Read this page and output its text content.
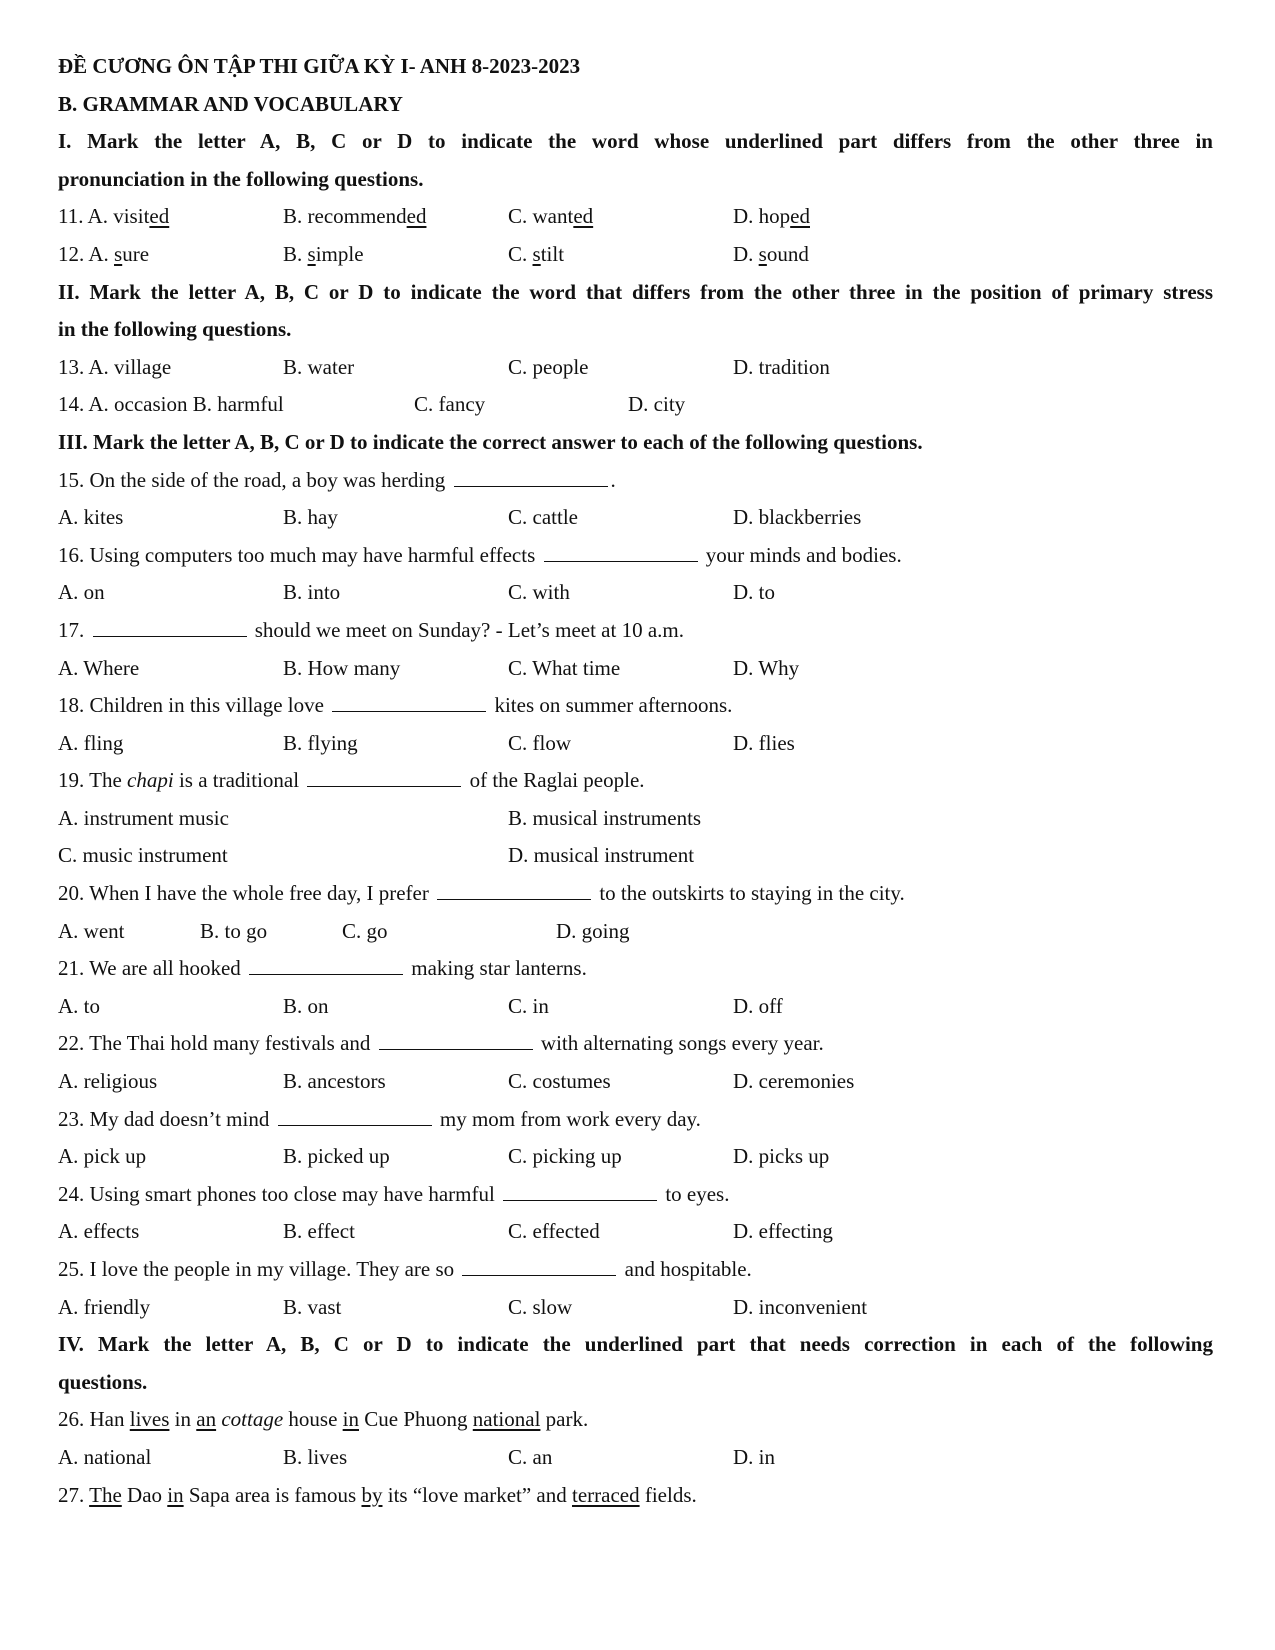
ĐỀ CƯƠNG ÔN TẬP THI GIỮA KỲ I- ANH 8-2023-2023
B. GRAMMAR AND VOCABULARY
I. Mark the letter A, B, C or D to indicate the word whose underlined part differs from the other three in
pronunciation in the following questions.
11. A. visited	B. recommended	C. wanted	D. hoped
12. A. sure	B. simple	C. stilt	D. sound
II. Mark the letter A, B, C or D to indicate the word that differs from the other three in the position of primary stress
in the following questions.
13. A. village	B. water	C. people	D. tradition
14. A. occasion B. harmful	C. fancy	D. city
III. Mark the letter A, B, C or D to indicate the correct answer to each of the following questions.
15. On the side of the road, a boy was herding	.
A. kites	B. hay	C. cattle	D. blackberries
16. Using computers too much may have harmful effects	your minds and bodies.
A. on	B. into	C. with	D. to
17.	should we meet on Sunday? - Let’s meet at 10 a.m.
A. Where	B. How many	C. What time	D. Why
18. Children in this village love	kites on summer afternoons.
A. fling	B. flying	C. flow	D. flies
19. The chapi is a traditional	of the Raglai people.
A. instrument music	B. musical instruments
C. music instrument	D. musical instrument
20. When I have the whole free day, I prefer	to the outskirts to staying in the city.
A. went	B. to go	C. go	D. going
21. We are all hooked	making star lanterns.
A. to	B. on	C. in	D. off
22. The Thai hold many festivals and	with alternating songs every year.
A. religious	B. ancestors	C. costumes	D. ceremonies
23. My dad doesn’t mind	my mom from work every day.
A. pick up	B. picked up	C. picking up	D. picks up
24. Using smart phones too close may have harmful	to eyes.
A. effects	B. effect	C. effected	D. effecting
25. I love the people in my village. They are so	and hospitable.
A. friendly	B. vast	C. slow	D. inconvenient
IV. Mark the letter A, B, C or D to indicate the underlined part that needs correction in each of the following
questions.
26. Han lives in an cottage house in Cue Phuong national park.
A. national	B. lives	C. an	D. in
27. The Dao in Sapa area is famous by its “love market” and terraced fields.
